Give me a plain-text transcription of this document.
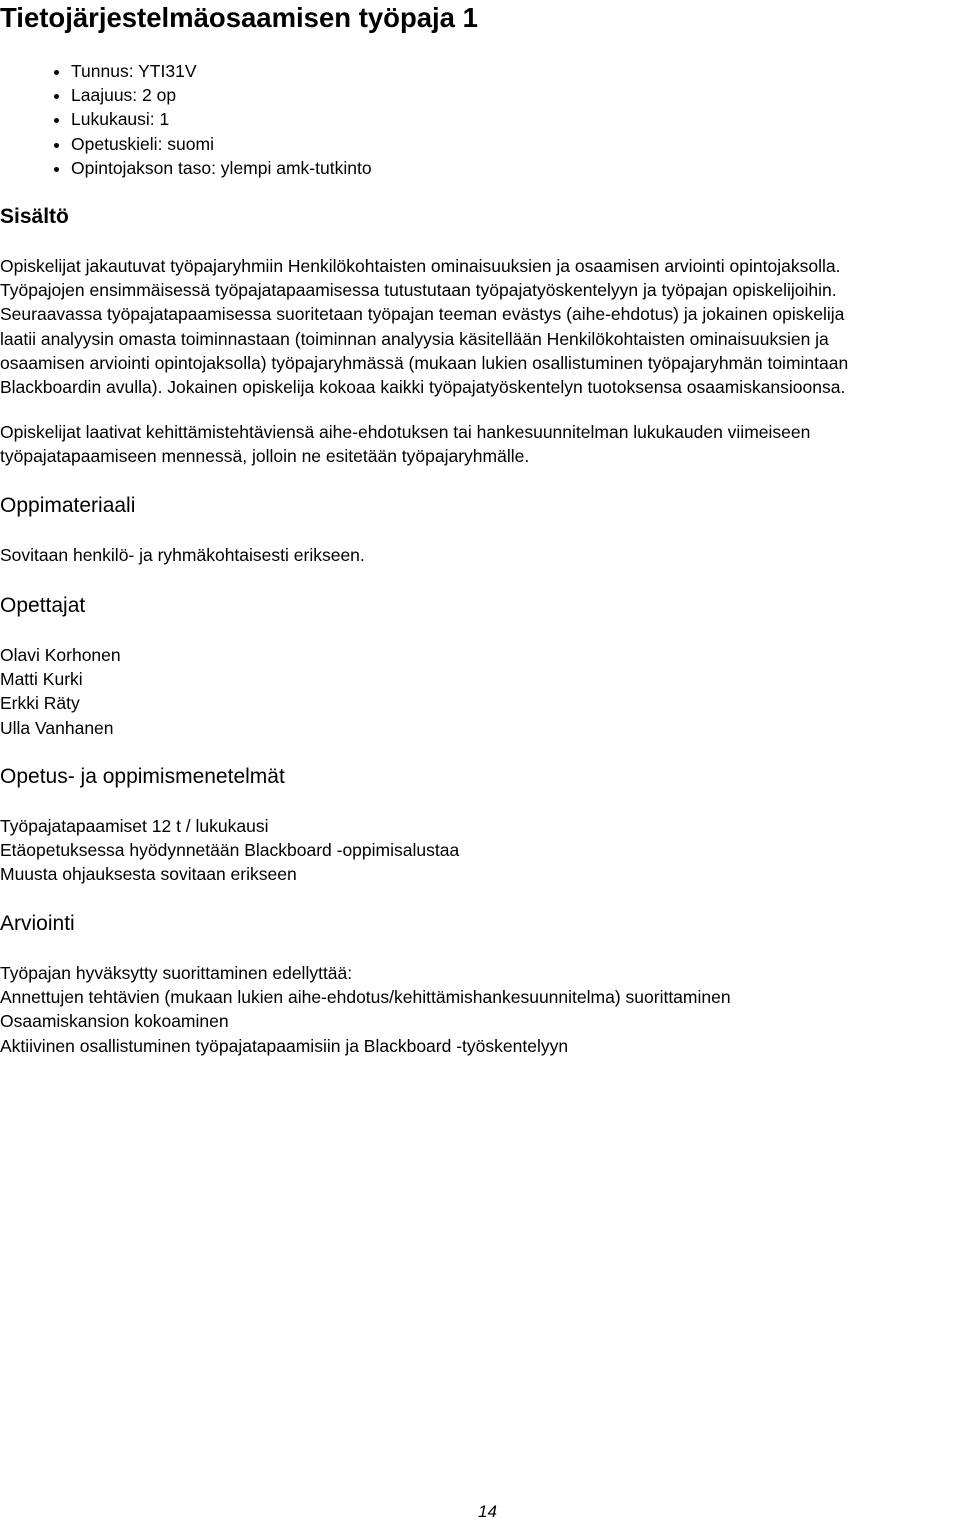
Tietojärjestelmäosaamisen työpaja 1
• Tunnus: YTI31V
• Laajuus: 2 op
• Lukukausi: 1
• Opetuskieli: suomi
• Opintojakson taso: ylempi amk-tutkinto
Sisältö
Opiskelijat jakautuvat työpajaryhmiin Henkilökohtaisten ominaisuuksien ja osaamisen arviointi opintojaksolla.
Työpajojen ensimmäisessä työpajatapaamisessa tutustutaan työpajatyöskentelyyn ja työpajan opiskelijoihin.
Seuraavassa työpajatapaamisessa suoritetaan työpajan teeman evästys (aihe-ehdotus) ja jokainen opiskelija
laatii analyysin omasta toiminnastaan (toiminnan analyysia käsitellään Henkilökohtaisten ominaisuuksien ja
osaamisen arviointi opintojaksolla) työpajaryhmässä (mukaan lukien osallistuminen työpajaryhmän toimintaan
Blackboardin avulla). Jokainen opiskelija kokoaa kaikki työpajatyöskentelyn tuotoksensa osaamiskansioonsa.
Opiskelijat laativat kehittämistehtäviensä aihe-ehdotuksen tai hankesuunnitelman lukukauden viimeiseen
työpajatapaamiseen mennessä, jolloin ne esitetään työpajaryhmälle.
Oppimateriaali
Sovitaan henkilö- ja ryhmäkohtaisesti erikseen.
Opettajat
Olavi Korhonen
Matti Kurki
Erkki Räty
Ulla Vanhanen
Opetus- ja oppimismenetelmät
Työpajatapaamiset 12 t / lukukausi
Etäopetuksessa hyödynnetään Blackboard -oppimisalustaa
Muusta ohjauksesta sovitaan erikseen
Arviointi
Työpajan hyväksytty suorittaminen edellyttää:
Annettujen tehtävien (mukaan lukien aihe-ehdotus/kehittämishankesuunnitelma) suorittaminen
Osaamiskansion kokoaminen
Aktiivinen osallistuminen työpajatapaamisiin ja Blackboard -työskentelyyn
14
